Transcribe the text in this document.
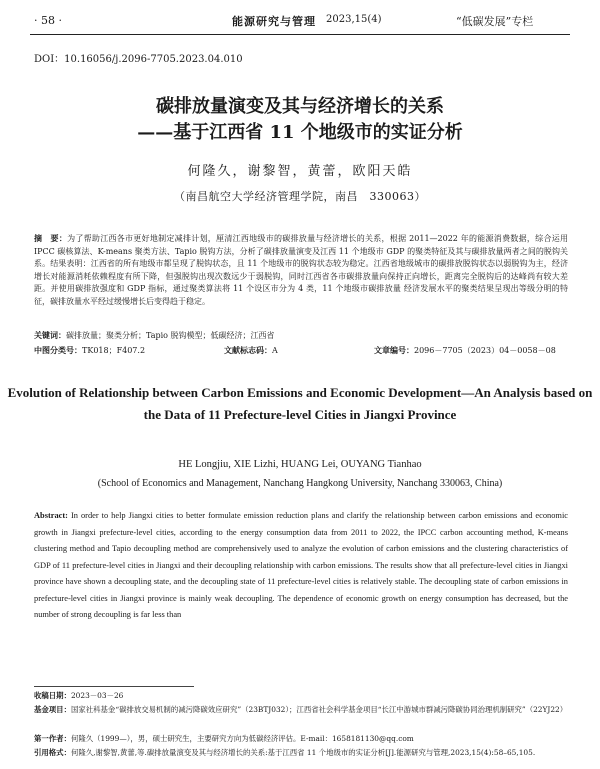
· 58 ·	能源研究与管理 2023,15(4)	“低碳发展”专栏
DOI：10.16056/j.2096-7705.2023.04.010
碳排放量演变及其与经济增长的关系
——基于江西省 11 个地级市的实证分析
何隆久，谢黎智，黄蕾，欧阳天皓
（南昌航空大学经济管理学院，南昌　330063）
摘　要：为了帮助江西各市更好地制定减排计划，厘清江西地级市的碳排放量与经济增长的关系，根据 2011—2022 年的能源消费数据，综合运用 IPCC 碳核算法、K-means 聚类方法、Tapio 脱钩方法，分析了碳排放量演变及江西 11 个地级市 GDP 的聚类特征及其与碳排放量两者之间的脱钩关系。结果表明：江西省的所有地级市都呈现了脱钩状态，且 11 个地级市的脱钩状态较为稳定。江西省地级城市的碳排放脱钩状态以弱脱钩为主，经济增长对能源消耗依赖程度有所下降，但强脱钩出现次数远少于弱脱钩，同时江西省各市碳排放量向保持正向增长，距离完全脱钩后的达峰尚有较大差距。并使用碳排放强度和 GDP 指标，通过聚类算法将 11 个设区市分为 4 类，11 个地级市碳排放量 经济发展水平的聚类结果呈现出等级分明的特征，碳排放量水平经过缓慢增长后变得趋于稳定。
关键词：碳排放量；聚类分析；Tapio 脱钩模型；低碳经济；江西省
中图分类号：TK018；F407.2	文献标志码：A	文章编号：2096－7705（2023）04－0058－08
Evolution of Relationship between Carbon Emissions and Economic Development—An Analysis based on the Data of 11 Prefecture-level Cities in Jiangxi Province
HE Longjiu, XIE Lizhi, HUANG Lei, OUYANG Tianhao
(School of Economics and Management, Nanchang Hangkong University, Nanchang 330063, China)
Abstract: In order to help Jiangxi cities to better formulate emission reduction plans and clarify the relationship between carbon emissions and economic growth in Jiangxi prefecture-level cities, according to the energy consumption data from 2011 to 2022, the IPCC carbon accounting method, K-means clustering method and Tapio decoupling method are comprehensively used to analyze the evolution of carbon emissions and the clustering characteristics of GDP of 11 prefecture-level cities in Jiangxi and their decoupling relationship with carbon emissions. The results show that all prefecture-level cities in Jiangxi province have shown a decoupling state, and the decoupling state of 11 prefecture-level cities is relatively stable. The decoupling state of carbon emissions in prefecture-level cities in Jiangxi province is mainly weak decoupling. The dependence of economic growth on energy consumption has decreased, but the number of strong decoupling is far less than
收稿日期：2023－03－26
基金项目：国家社科基金“碳排放交易机制的减污降碳效应研究”（23BTJ032）；江西省社会科学基金项目“长江中游城市群减污降碳协同治理机制研究”（22YJ22）
第一作者：何隆久（1999—），男，硕士研究生，主要研究方向为低碳经济评估。E-mail：1658181130@qq.com
引用格式：何隆久,谢黎智,黄蕾,等.碳排放量演变及其与经济增长的关系:基于江西省 11 个地级市的实证分析[J].能源研究与管理,2023,15(4):58–65,105.
